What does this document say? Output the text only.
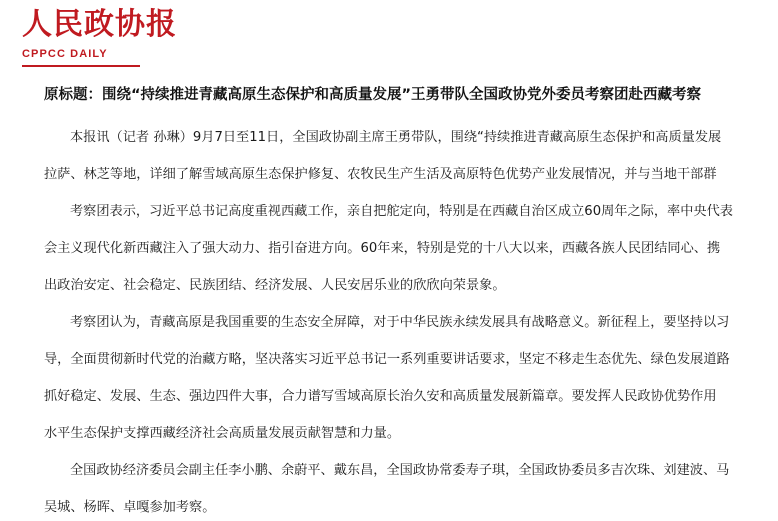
人民政协报
CPPCC DAILY
原标题：围绕“持续推进青藏高原生态保护和高质量发展”王勇带队全国政协党外委员考察团赴西藏考察

本报讯（记者 孙琳）9月7日至11日，全国政协副主席王勇带队，围绕“持续推进青藏高原生态保护和高质量发展

拉萨、林芝等地，详细了解雪域高原生态保护修复、农牧民生产生活及高原特色优势产业发展情况，并与当地干部群

考察团表示，习近平总书记高度重视西藏工作，亲自把舵定向，特别是在西藏自治区成立60周年之际，率中央代表

会主义现代化新西藏注入了强大动力、指引奋进方向。60年来，特别是党的十八大以来，西藏各族人民团结同心、携

出政治安定、社会稳定、民族团结、经济发展、人民安居乐业的欣欣向荣景象。

考察团认为，青藏高原是我国重要的生态安全屏障，对于中华民族永续发展具有战略意义。新征程上，要坚持以习

导，全面贯彻新时代党的治藏方略，坚决落实习近平总书记一系列重要讲话要求，坚定不移走生态优先、绿色发展道路

抓好稳定、发展、生态、强边四件大事，合力谱写雪域高原长治久安和高质量发展新篇章。要发挥人民政协优势作用

水平生态保护支撑西藏经济社会高质量发展贡献智慧和力量。

全国政协经济委员会副主任李小鹏、余蔚平、戴东昌，全国政协常委寿子琪，全国政协委员多吉次珠、刘建波、马

吴城、杨晖、卓嘎参加考察。
